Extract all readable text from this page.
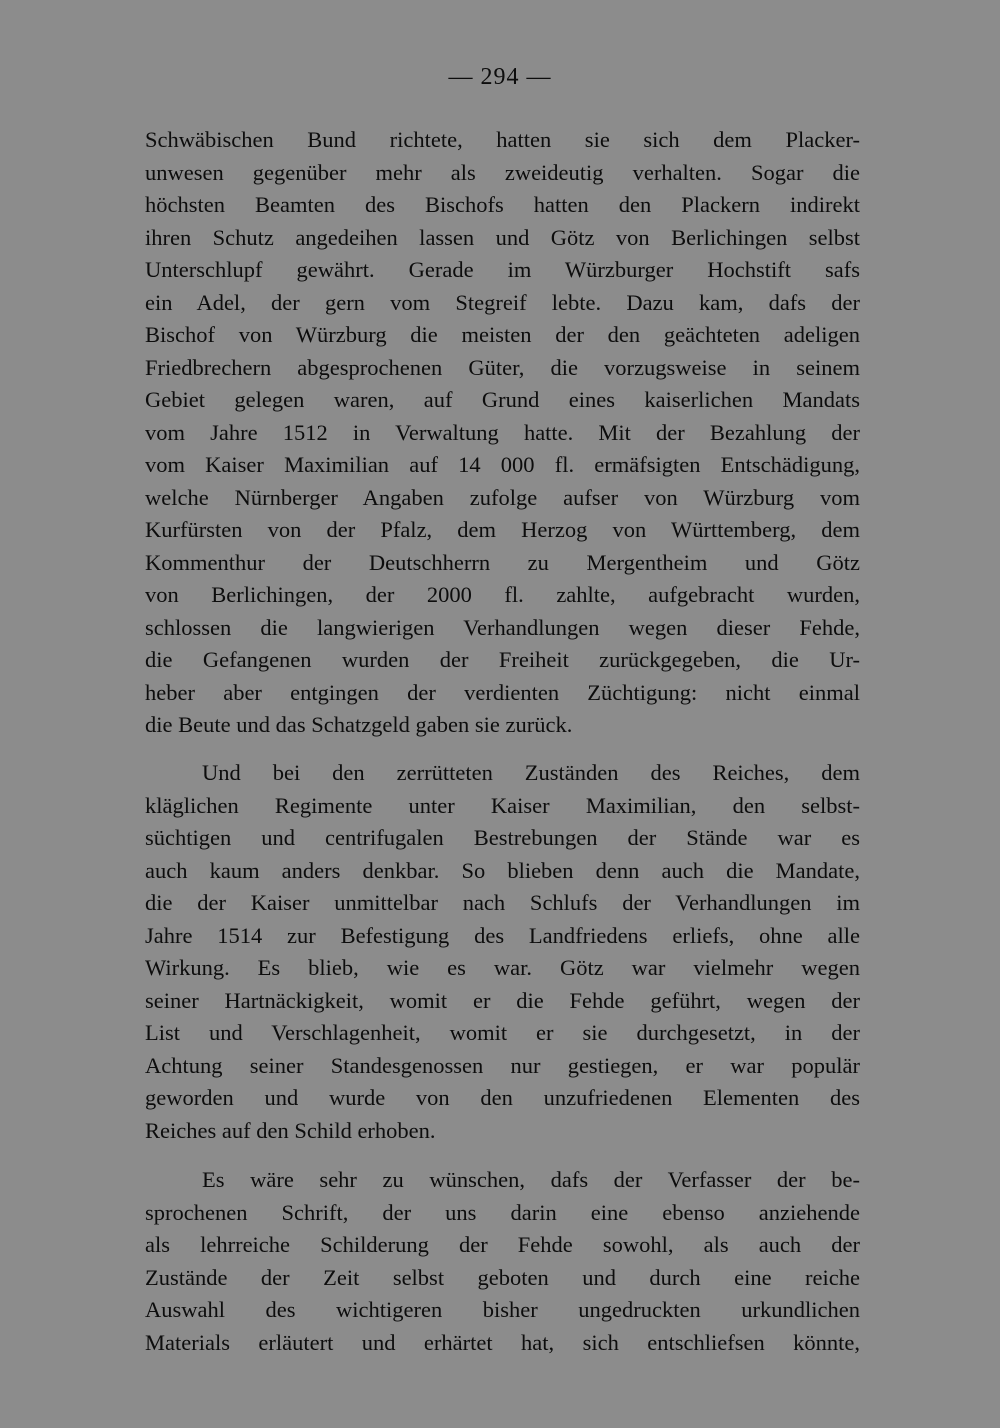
— 294 —
Schwäbischen Bund richtete, hatten sie sich dem Placker-
unwesen gegenüber mehr als zweideutig verhalten. Sogar die
höchsten Beamten des Bischofs hatten den Plackern indirekt
ihren Schutz angedeihen lassen und Götz von Berlichingen selbst
Unterschlupf gewährt. Gerade im Würzburger Hochstift safs
ein Adel, der gern vom Stegreif lebte. Dazu kam, dafs der
Bischof von Würzburg die meisten der den geächteten adeligen
Friedbrechern abgesprochenen Güter, die vorzugsweise in seinem
Gebiet gelegen waren, auf Grund eines kaiserlichen Mandats
vom Jahre 1512 in Verwaltung hatte. Mit der Bezahlung der
vom Kaiser Maximilian auf 14 000 fl. ermäfsigten Entschädigung,
welche Nürnberger Angaben zufolge aufser von Würzburg vom
Kurfürsten von der Pfalz, dem Herzog von Württemberg, dem
Kommenthur der Deutschherrn zu Mergentheim und Götz
von Berlichingen, der 2000 fl. zahlte, aufgebracht wurden,
schlossen die langwierigen Verhandlungen wegen dieser Fehde,
die Gefangenen wurden der Freiheit zurückgegeben, die Ur-
heber aber entgingen der verdienten Züchtigung: nicht einmal
die Beute und das Schatzgeld gaben sie zurück.
Und bei den zerrütteten Zuständen des Reiches, dem
kläglichen Regimente unter Kaiser Maximilian, den selbst-
süchtigen und centrifugalen Bestrebungen der Stände war es
auch kaum anders denkbar. So blieben denn auch die Mandate,
die der Kaiser unmittelbar nach Schlufs der Verhandlungen im
Jahre 1514 zur Befestigung des Landfriedens erliefs, ohne alle
Wirkung. Es blieb, wie es war. Götz war vielmehr wegen
seiner Hartnäckigkeit, womit er die Fehde geführt, wegen der
List und Verschlagenheit, womit er sie durchgesetzt, in der
Achtung seiner Standesgenossen nur gestiegen, er war populär
geworden und wurde von den unzufriedenen Elementen des
Reiches auf den Schild erhoben.
Es wäre sehr zu wünschen, dafs der Verfasser der be-
sprochenen Schrift, der uns darin eine ebenso anziehende
als lehrreiche Schilderung der Fehde sowohl, als auch der
Zustände der Zeit selbst geboten und durch eine reiche
Auswahl des wichtigeren bisher ungedruckten urkundlichen
Materials erläutert und erhärtet hat, sich entschliefsen könnte,
